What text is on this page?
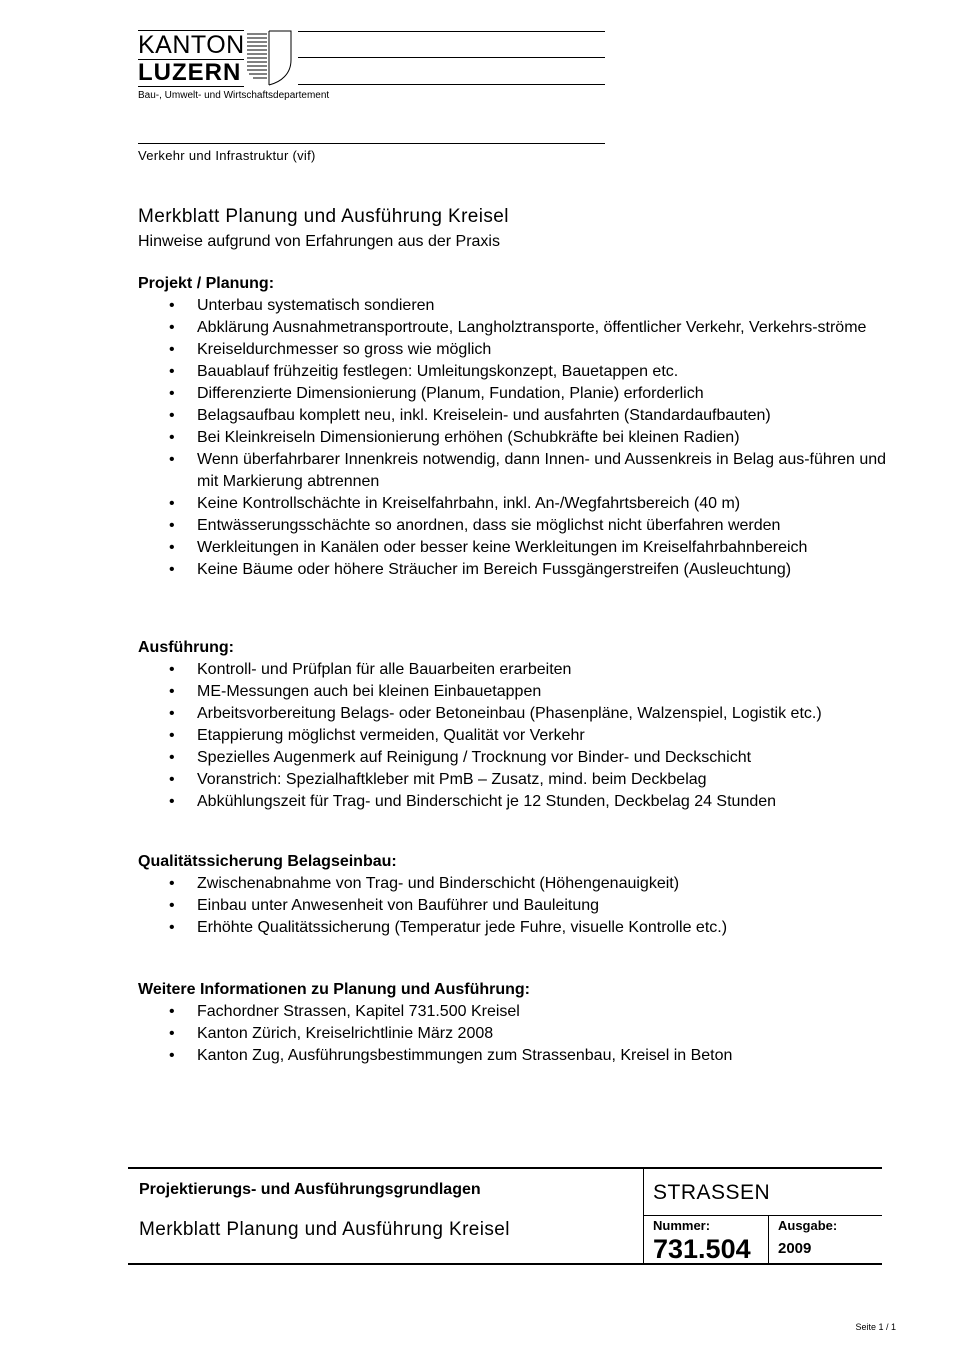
KANTON
LUZERN
Bau-, Umwelt- und Wirtschaftsdepartement
Verkehr und Infrastruktur (vif)
Merkblatt Planung und Ausführung Kreisel
Hinweise aufgrund von Erfahrungen aus der Praxis
Projekt / Planung:
• Unterbau systematisch sondieren
• Abklärung Ausnahmetransportroute, Langholztransporte, öffentlicher Verkehr, Verkehrs-ströme
• Kreiseldurchmesser so gross wie möglich
• Bauablauf frühzeitig festlegen: Umleitungskonzept, Bauetappen etc.
• Differenzierte Dimensionierung (Planum, Fundation, Planie) erforderlich
• Belagsaufbau komplett neu, inkl. Kreiselein- und ausfahrten (Standardaufbauten)
• Bei Kleinkreiseln Dimensionierung erhöhen (Schubkräfte bei kleinen Radien)
• Wenn überfahrbarer Innenkreis notwendig, dann Innen- und Aussenkreis in Belag aus-führen und mit Markierung abtrennen
• Keine Kontrollschächte in Kreiselfahrbahn, inkl. An-/Wegfahrtsbereich (40 m)
• Entwässerungsschächte so anordnen, dass sie möglichst nicht überfahren werden
• Werkleitungen in Kanälen oder besser keine Werkleitungen im Kreiselfahrbahnbereich
• Keine Bäume oder höhere Sträucher im Bereich Fussgängerstreifen (Ausleuchtung)
Ausführung:
• Kontroll- und Prüfplan für alle Bauarbeiten erarbeiten
• ME-Messungen auch bei kleinen Einbauetappen
• Arbeitsvorbereitung Belags- oder Betoneinbau (Phasenpläne, Walzenspiel, Logistik etc.)
• Etappierung möglichst vermeiden, Qualität vor Verkehr
• Spezielles Augenmerk auf Reinigung / Trocknung vor Binder- und Deckschicht
• Voranstrich: Spezialhaftkleber mit PmB – Zusatz, mind. beim Deckbelag
• Abkühlungszeit für Trag- und Binderschicht je 12 Stunden, Deckbelag 24 Stunden
Qualitätssicherung Belagseinbau:
• Zwischenabnahme von Trag- und Binderschicht (Höhengenauigkeit)
• Einbau unter Anwesenheit von Bauführer und Bauleitung
• Erhöhte Qualitätssicherung (Temperatur jede Fuhre, visuelle Kontrolle etc.)
Weitere Informationen zu Planung und Ausführung:
• Fachordner Strassen, Kapitel 731.500 Kreisel
• Kanton Zürich, Kreiselrichtlinie März 2008
• Kanton Zug, Ausführungsbestimmungen zum Strassenbau, Kreisel in Beton
Projektierungs- und Ausführungsgrundlagen
Merkblatt Planung und Ausführung Kreisel
STRASSEN
Nummer:
731.504
Ausgabe:
2009
Seite 1 / 1
